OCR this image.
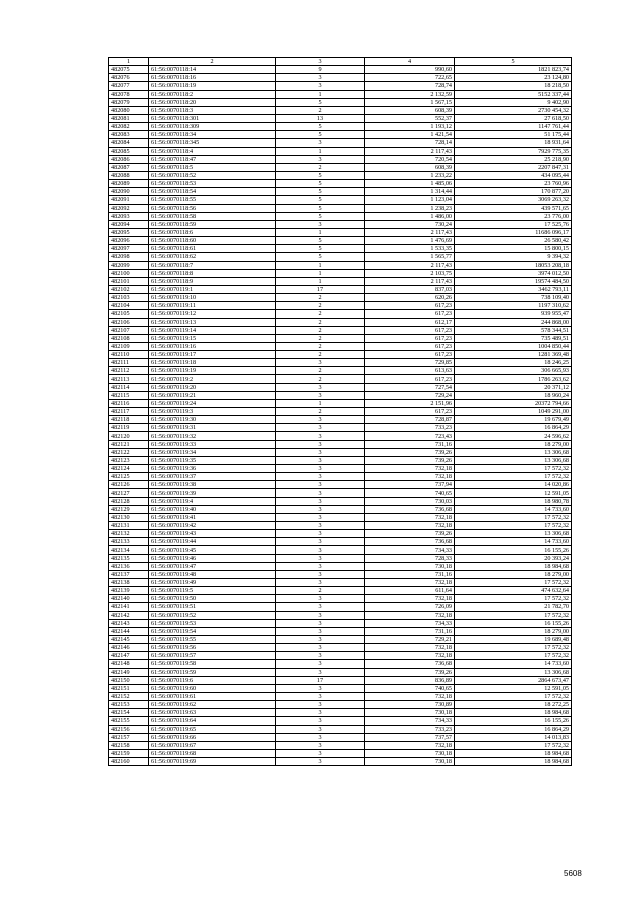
1	2	3	4	5
482075	61:56:0070118:14	9	990,60	1821 823,74
482076	61:56:0070118:16	3	722,65	23 124,80
482077	61:56:0070118:19	3	728,74	18 218,50
482078	61:56:0070118:2	1	2 132,59	5152 337,44
482079	61:56:0070118:20	5	1 567,15	9 402,90
482080	61:56:0070118:3	2	608,39	2730 454,32
482081	61:56:0070118:301	13	552,37	27 618,50
482082	61:56:0070118:309	5	1 193,12	1147 761,44
482083	61:56:0070118:34	5	1 421,54	51 175,44
482084	61:56:0070118:345	3	728,14	18 931,64
482085	61:56:0070118:4	1	2 117,43	7929 775,35
482086	61:56:0070118:47	3	720,54	25 218,90
482087	61:56:0070118:5	2	608,39	2207 847,31
482088	61:56:0070118:52	5	1 233,22	434 095,44
482089	61:56:0070118:53	5	1 485,06	23 760,96
482090	61:56:0070118:54	5	1 314,44	170 877,20
482091	61:56:0070118:55	5	1 123,04	3069 263,32
482092	61:56:0070118:56	5	1 238,23	439 571,65
482093	61:56:0070118:58	5	1 486,00	23 776,00
482094	61:56:0070118:59	3	730,24	17 525,76
482095	61:56:0070118:6	1	2 117,43	11686 096,17
482096	61:56:0070118:60	5	1 476,69	26 580,42
482097	61:56:0070118:61	5	1 533,35	15 800,15
482098	61:56:0070118:62	5	1 565,77	9 394,32
482099	61:56:0070118:7	1	2 117,43	18053 208,18
482100	61:56:0070118:8	1	2 103,75	3974 012,50
482101	61:56:0070118:9	1	2 117,43	19574 484,50
482102	61:56:0070119:1	17	837,03	3462 793,11
482103	61:56:0070119:10	2	620,26	738 109,40
482104	61:56:0070119:11	2	617,23	1197 310,62
482105	61:56:0070119:12	2	617,23	939 955,47
482106	61:56:0070119:13	2	612,17	244 868,00
482107	61:56:0070119:14	2	617,23	578 344,51
482108	61:56:0070119:15	2	617,23	735 489,51
482109	61:56:0070119:16	2	617,23	1004 850,44
482110	61:56:0070119:17	2	617,23	1281 369,48
482111	61:56:0070119:18	3	729,85	18 246,25
482112	61:56:0070119:19	2	613,63	306 665,93
482113	61:56:0070119:2	2	617,23	1786 263,62
482114	61:56:0070119:20	3	727,54	20 371,12
482115	61:56:0070119:21	3	729,24	18 960,24
482116	61:56:0070119:24	1	2 151,96	20372 794,66
482117	61:56:0070119:3	2	617,23	1049 291,00
482118	61:56:0070119:30	3	728,87	19 679,49
482119	61:56:0070119:31	3	733,23	16 864,29
482120	61:56:0070119:32	3	723,43	24 596,62
482121	61:56:0070119:33	3	731,16	18 279,00
482122	61:56:0070119:34	3	739,26	13 306,68
482123	61:56:0070119:35	3	739,26	13 306,68
482124	61:56:0070119:36	3	732,18	17 572,32
482125	61:56:0070119:37	3	732,18	17 572,32
482126	61:56:0070119:38	3	737,94	14 020,86
482127	61:56:0070119:39	3	740,65	12 591,05
482128	61:56:0070119:4	3	730,03	18 980,78
482129	61:56:0070119:40	3	736,68	14 733,60
482130	61:56:0070119:41	3	732,18	17 572,32
482131	61:56:0070119:42	3	732,18	17 572,32
482132	61:56:0070119:43	3	739,26	13 306,68
482133	61:56:0070119:44	3	736,68	14 733,60
482134	61:56:0070119:45	3	734,33	16 155,26
482135	61:56:0070119:46	3	728,33	20 393,24
482136	61:56:0070119:47	3	730,18	18 984,68
482137	61:56:0070119:48	3	731,16	18 279,00
482138	61:56:0070119:49	3	732,18	17 572,32
482139	61:56:0070119:5	2	611,64	474 632,64
482140	61:56:0070119:50	3	732,18	17 572,32
482141	61:56:0070119:51	3	726,09	21 782,70
482142	61:56:0070119:52	3	732,18	17 572,32
482143	61:56:0070119:53	3	734,33	16 155,26
482144	61:56:0070119:54	3	731,16	18 279,00
482145	61:56:0070119:55	3	729,21	19 689,48
482146	61:56:0070119:56	3	732,18	17 572,32
482147	61:56:0070119:57	3	732,18	17 572,32
482148	61:56:0070119:58	3	736,68	14 733,60
482149	61:56:0070119:59	3	739,26	13 306,68
482150	61:56:0070119:6	17	836,89	2864 673,47
482151	61:56:0070119:60	3	740,65	12 591,05
482152	61:56:0070119:61	3	732,18	17 572,32
482153	61:56:0070119:62	3	730,89	18 272,25
482154	61:56:0070119:63	3	730,18	18 984,68
482155	61:56:0070119:64	3	734,33	16 155,26
482156	61:56:0070119:65	3	733,23	16 864,29
482157	61:56:0070119:66	3	737,57	14 013,83
482158	61:56:0070119:67	3	732,18	17 572,32
482159	61:56:0070119:68	3	730,18	18 984,68
482160	61:56:0070119:69	3	730,18	18 984,68
5608
